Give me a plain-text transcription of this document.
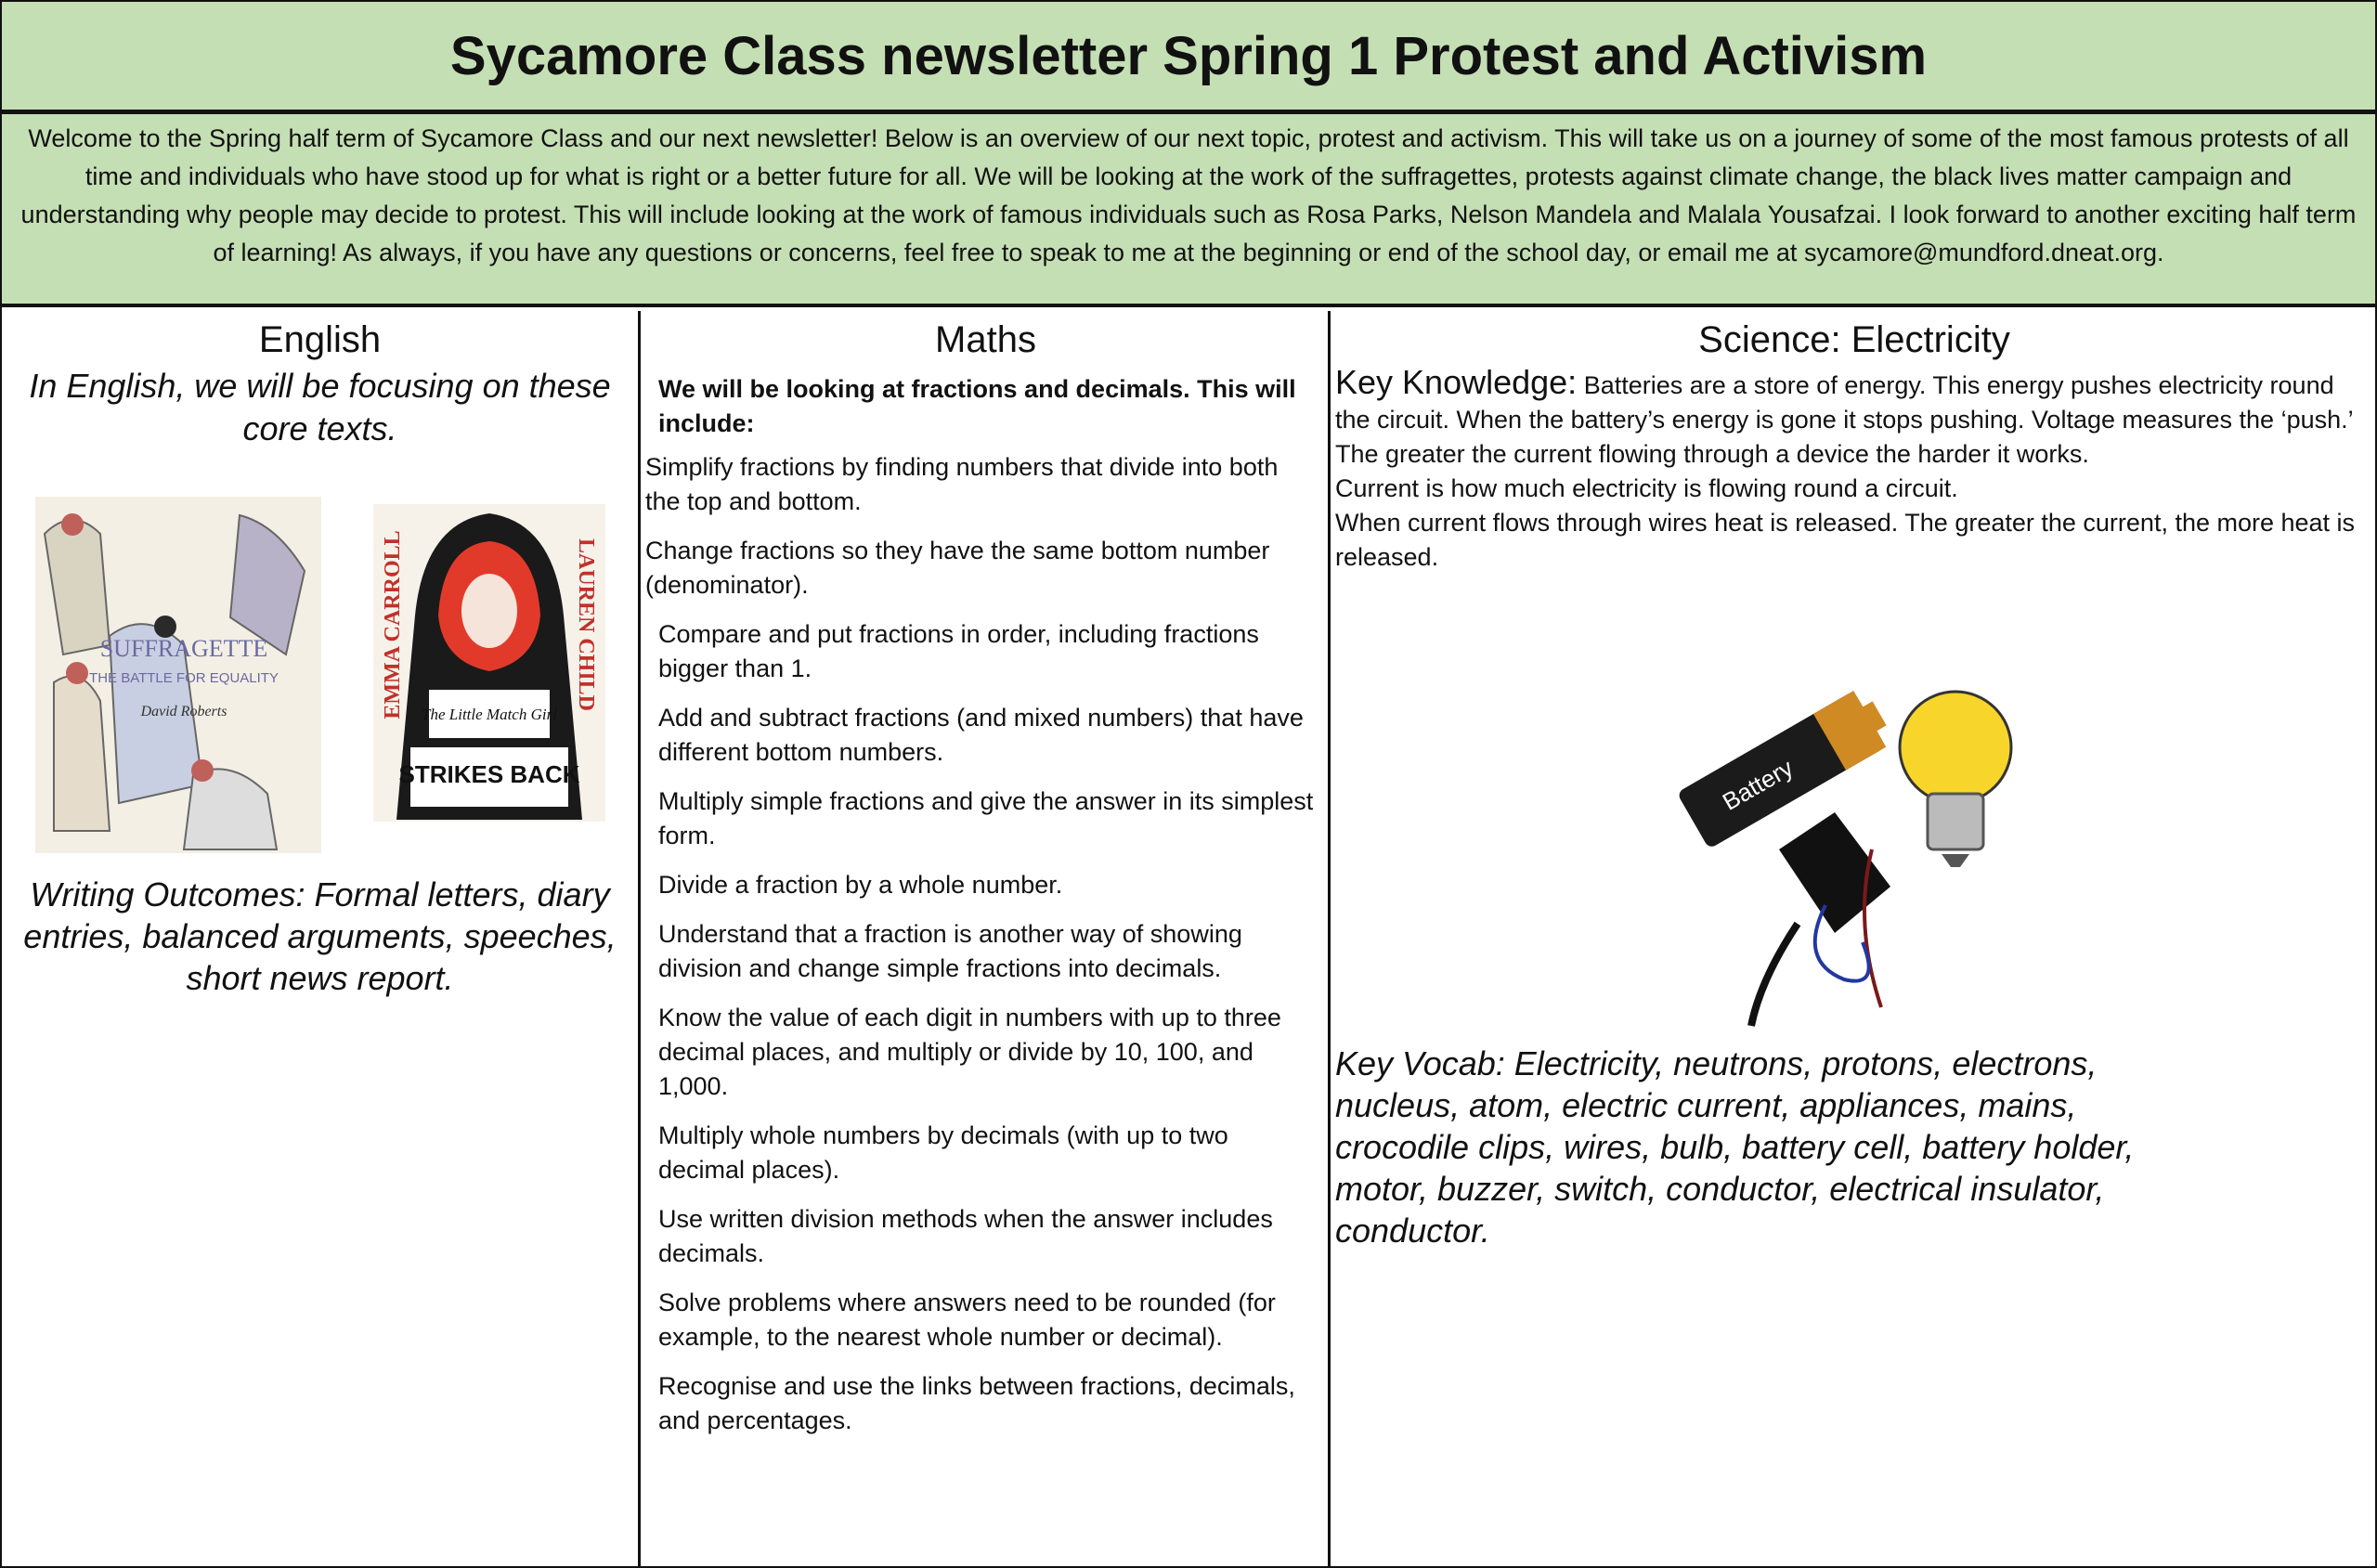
Sycamore Class newsletter Spring 1 Protest and Activism
Welcome to the Spring half term of Sycamore Class and our next newsletter! Below is an overview of our next topic, protest and activism. This will take us on a journey of some of the most famous protests of all time and individuals who have stood up for what is right or a better future for all. We will be looking at the work of the suffragettes, protests against climate change, the black lives matter campaign and understanding why people may decide to protest. This will include looking at the work of famous individuals such as Rosa Parks, Nelson Mandela and Malala Yousafzai. I look forward to another exciting half term of learning! As always, if you have any questions or concerns, feel free to speak to me at the beginning or end of the school day, or email me at sycamore@mundford.dneat.org.
English
In English, we will be focusing on these core texts.
SUFFRAGETTE
THE BATTLE FOR EQUALITY
David Roberts	EMMA CARROLL	LAUREN CHILD
The Little Match Girl
STRIKES BACK
Writing Outcomes: Formal letters, diary entries, balanced arguments, speeches, short news report.
Maths
We will be looking at fractions and decimals. This will include:
Simplify fractions by finding numbers that divide into both the top and bottom.
Change fractions so they have the same bottom number (denominator).
Compare and put fractions in order, including fractions bigger than 1.
Add and subtract fractions (and mixed numbers) that have different bottom numbers.
Multiply simple fractions and give the answer in its simplest form.
Divide a fraction by a whole number.
Understand that a fraction is another way of showing division and change simple fractions into decimals.
Know the value of each digit in numbers with up to three decimal places, and multiply or divide by 10, 100, and 1,000.
Multiply whole numbers by decimals (with up to two decimal places).
Use written division methods when the answer includes decimals.
Solve problems where answers need to be rounded (for example, to the nearest whole number or decimal).
Recognise and use the links between fractions, decimals, and percentages.
Science: Electricity
Key Knowledge: Batteries are a store of energy. This energy pushes electricity round the circuit. When the battery’s energy is gone it stops pushing. Voltage measures the ‘push.’
The greater the current flowing through a device the harder it works.
Current is how much electricity is flowing round a circuit.
When current flows through wires heat is released. The greater the current, the more heat is released.
Battery
Key Vocab: Electricity, neutrons, protons, electrons, nucleus, atom, electric current, appliances, mains, crocodile clips, wires, bulb, battery cell, battery holder, motor, buzzer, switch, conductor, electrical insulator, conductor.
